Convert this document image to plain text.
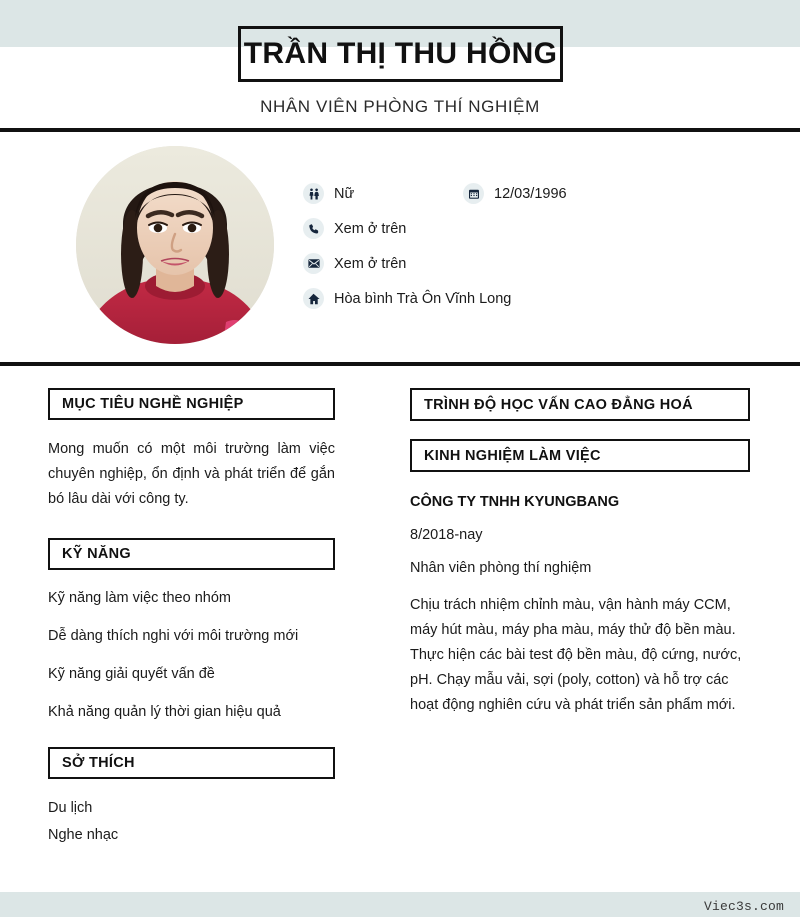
TRẦN THỊ THU HỒNG
NHÂN VIÊN PHÒNG THÍ NGHIỆM
Nữ	12/03/1996
Xem ở trên
Xem ở trên
Hòa bình Trà Ôn Vĩnh Long
MỤC TIÊU NGHỀ NGHIỆP
Mong muốn có một môi trường làm việc chuyên nghiệp, ổn định và phát triển để gắn bó lâu dài với công ty.
KỸ NĂNG
Kỹ năng làm việc theo nhóm
Dễ dàng thích nghi với môi trường mới
Kỹ năng giải quyết vấn đề
Khả năng quản lý thời gian hiệu quả
SỞ THÍCH
Du lịch
Nghe nhạc
TRÌNH ĐỘ HỌC VẤN CAO ĐẲNG HOÁ
KINH NGHIỆM LÀM VIỆC
CÔNG TY TNHH KYUNGBANG
8/2018-nay
Nhân viên phòng thí nghiệm
Chịu trách nhiệm chỉnh màu, vận hành máy CCM, máy hút màu, máy pha màu, máy thử độ bền màu. Thực hiện các bài test độ bền màu, độ cứng, nước, pH. Chạy mẫu vải, sợi (poly, cotton) và hỗ trợ các hoạt động nghiên cứu và phát triển sản phẩm mới.
Viec3s.com
